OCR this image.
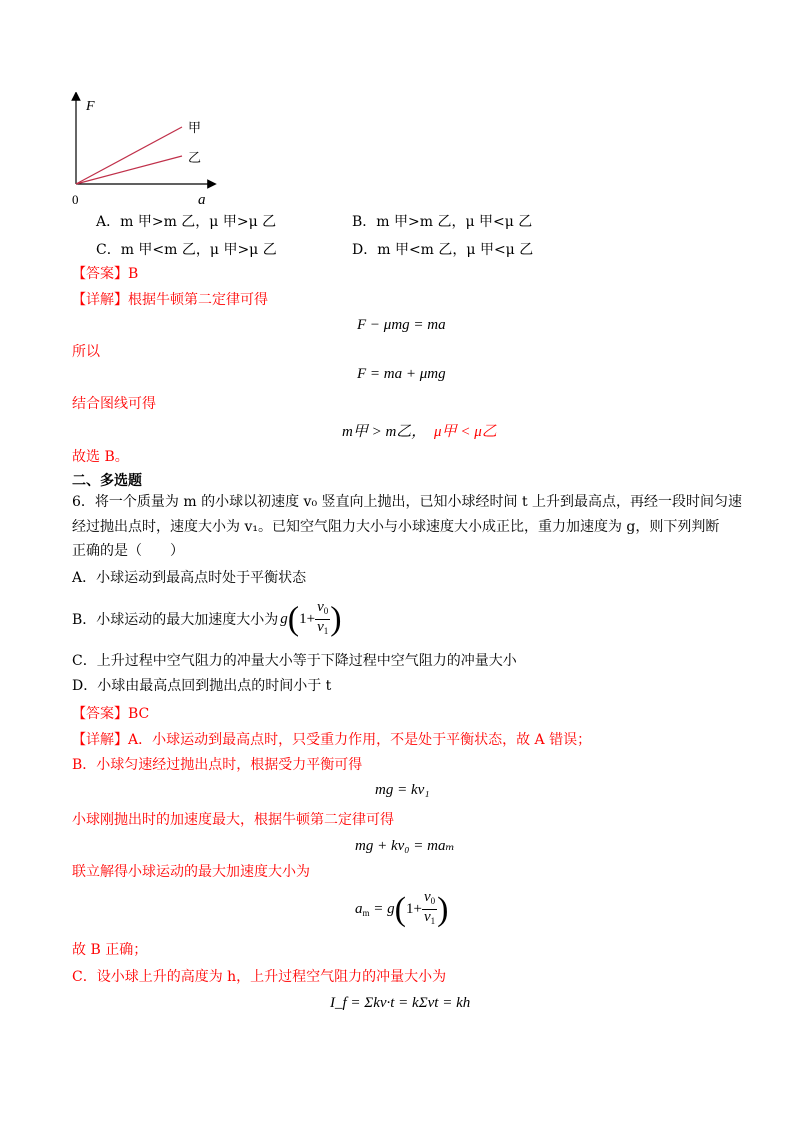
F
a
0
甲
乙
A．m 甲>m 乙，μ 甲>μ 乙	B．m 甲>m 乙，μ 甲<μ 乙
C．m 甲<m 乙，μ 甲>μ 乙	D．m 甲<m 乙，μ 甲<μ 乙
【答案】B
【详解】根据牛顿第二定律可得
F − μmg = ma
所以
F = ma + μmg
结合图线可得
m甲 > m乙， μ甲 < μ乙
故选 B。
二、多选题
6．将一个质量为 m 的小球以初速度 v₀ 竖直向上抛出，已知小球经时间 t 上升到最高点，再经一段时间匀速
经过抛出点时，速度大小为 v₁。已知空气阻力大小与小球速度大小成正比，重力加速度为 g，则下列判断
正确的是（　　）
A．小球运动到最高点时处于平衡状态
B．小球运动的最大加速度大小为 $g(1+ \frac{v_0}{v_1}$ )
C．上升过程中空气阻力的冲量大小等于下降过程中空气阻力的冲量大小
D．小球由最高点回到抛出点的时间小于 t
【答案】BC
【详解】A．小球运动到最高点时，只受重力作用，不是处于平衡状态，故 A 错误；
B．小球匀速经过抛出点时，根据受力平衡可得
mg = kv₁
小球刚抛出时的加速度最大，根据牛顿第二定律可得
mg + kv₀ = maₘ
联立解得小球运动的最大加速度大小为
$a_m = g$ ( $1+ \frac{v_0}{v_1}$ )
故 B 正确；
C．设小球上升的高度为 h，上升过程空气阻力的冲量大小为
I_f = Σkv·t = kΣvt = kh
